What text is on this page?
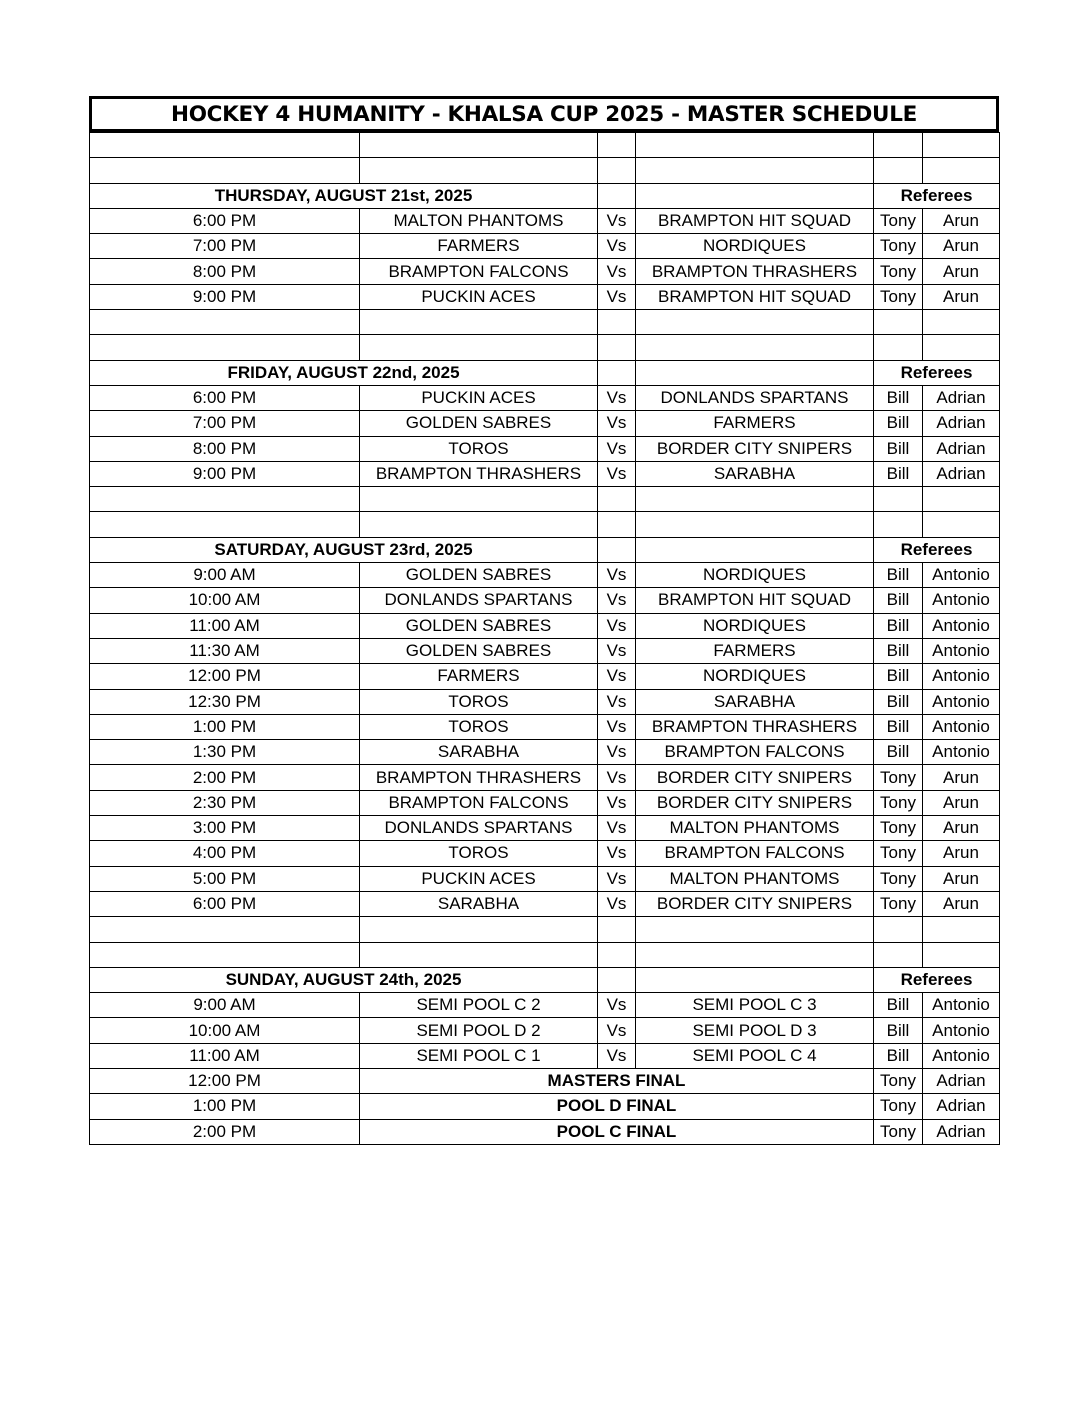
HOCKEY 4 HUMANITY - KHALSA CUP 2025 - MASTER SCHEDULE

THURSDAY, AUGUST 21st, 2025				Referees	
6:00 PM	MALTON PHANTOMS	Vs	BRAMPTON HIT SQUAD	Tony	Arun
7:00 PM	FARMERS	Vs	NORDIQUES	Tony	Arun
8:00 PM	BRAMPTON FALCONS	Vs	BRAMPTON THRASHERS	Tony	Arun
9:00 PM	PUCKIN ACES	Vs	BRAMPTON HIT SQUAD	Tony	Arun

FRIDAY, AUGUST 22nd, 2025				Referees	
6:00 PM	PUCKIN ACES	Vs	DONLANDS SPARTANS	Bill	Adrian
7:00 PM	GOLDEN SABRES	Vs	FARMERS	Bill	Adrian
8:00 PM	TOROS	Vs	BORDER CITY SNIPERS	Bill	Adrian
9:00 PM	BRAMPTON THRASHERS	Vs	SARABHA	Bill	Adrian

SATURDAY, AUGUST 23rd, 2025				Referees	
9:00 AM	GOLDEN SABRES	Vs	NORDIQUES	Bill	Antonio
10:00 AM	DONLANDS SPARTANS	Vs	BRAMPTON HIT SQUAD	Bill	Antonio
11:00 AM	GOLDEN SABRES	Vs	NORDIQUES	Bill	Antonio
11:30 AM	GOLDEN SABRES	Vs	FARMERS	Bill	Antonio
12:00 PM	FARMERS	Vs	NORDIQUES	Bill	Antonio
12:30 PM	TOROS	Vs	SARABHA	Bill	Antonio
1:00 PM	TOROS	Vs	BRAMPTON THRASHERS	Bill	Antonio
1:30 PM	SARABHA	Vs	BRAMPTON FALCONS	Bill	Antonio
2:00 PM	BRAMPTON THRASHERS	Vs	BORDER CITY SNIPERS	Tony	Arun
2:30 PM	BRAMPTON FALCONS	Vs	BORDER CITY SNIPERS	Tony	Arun
3:00 PM	DONLANDS SPARTANS	Vs	MALTON PHANTOMS	Tony	Arun
4:00 PM	TOROS	Vs	BRAMPTON FALCONS	Tony	Arun
5:00 PM	PUCKIN ACES	Vs	MALTON PHANTOMS	Tony	Arun
6:00 PM	SARABHA	Vs	BORDER CITY SNIPERS	Tony	Arun

SUNDAY, AUGUST 24th, 2025				Referees	
9:00 AM	SEMI POOL C 2	Vs	SEMI POOL C 3	Bill	Antonio
10:00 AM	SEMI POOL D 2	Vs	SEMI POOL D 3	Bill	Antonio
11:00 AM	SEMI POOL C 1	Vs	SEMI POOL C 4	Bill	Antonio
12:00 PM	MASTERS FINAL			Tony	Adrian
1:00 PM	POOL D FINAL			Tony	Adrian
2:00 PM	POOL C FINAL			Tony	Adrian
